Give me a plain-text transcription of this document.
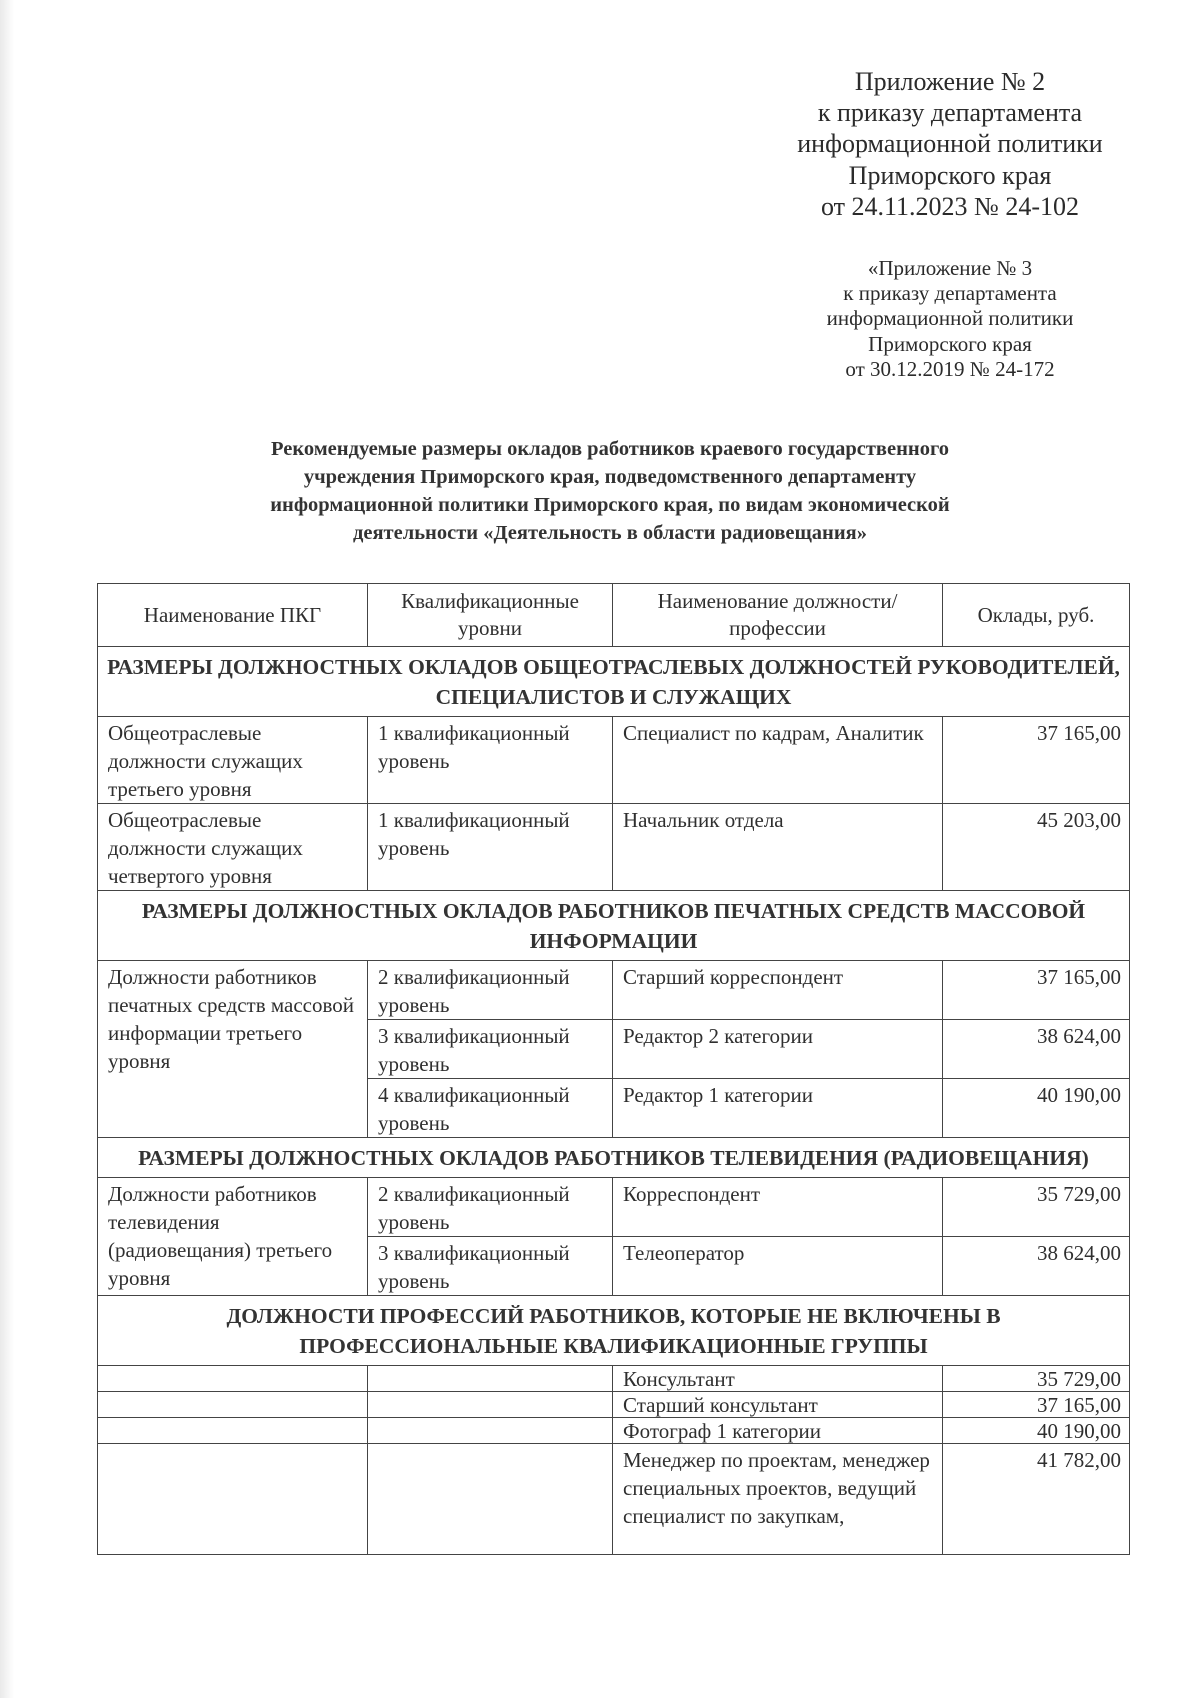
Приложение № 2
к приказу департамента
информационной политики
Приморского края
от 24.11.2023 № 24-102
«Приложение № 3
к приказу департамента
информационной политики
Приморского края
от 30.12.2019 № 24-172
Рекомендуемые размеры окладов работников краевого государственного
учреждения Приморского края, подведомственного департаменту
информационной политики Приморского края, по видам экономической
деятельности «Деятельность в области радиовещания»
Наименование ПКГ	Квалификационные уровни	Наименование должности/профессии	Оклады, руб.
РАЗМЕРЫ ДОЛЖНОСТНЫХ ОКЛАДОВ ОБЩЕОТРАСЛЕВЫХ ДОЛЖНОСТЕЙ РУКОВОДИТЕЛЕЙ, СПЕЦИАЛИСТОВ И СЛУЖАЩИХ			
Общеотраслевые должности служащих третьего уровня	1 квалификационный уровень	Специалист по кадрам, Аналитик	37 165,00
Общеотраслевые должности служащих четвертого уровня	1 квалификационный уровень	Начальник отдела	45 203,00
РАЗМЕРЫ ДОЛЖНОСТНЫХ ОКЛАДОВ РАБОТНИКОВ ПЕЧАТНЫХ СРЕДСТВ МАССОВОЙ ИНФОРМАЦИИ			
Должности работников печатных средств массовой информации третьего уровня	2 квалификационный уровень	Старший корреспондент	37 165,00
	3 квалификационный уровень	Редактор 2 категории	38 624,00
	4 квалификационный уровень	Редактор 1 категории	40 190,00
РАЗМЕРЫ ДОЛЖНОСТНЫХ ОКЛАДОВ РАБОТНИКОВ ТЕЛЕВИДЕНИЯ (РАДИОВЕЩАНИЯ)			
Должности работников телевидения (радиовещания) третьего уровня	2 квалификационный уровень	Корреспондент	35 729,00
	3 квалификационный уровень	Телеоператор	38 624,00
ДОЛЖНОСТИ ПРОФЕССИЙ РАБОТНИКОВ, КОТОРЫЕ НЕ ВКЛЮЧЕНЫ В ПРОФЕССИОНАЛЬНЫЕ КВАЛИФИКАЦИОННЫЕ ГРУППЫ			
		Консультант	35 729,00
		Старший консультант	37 165,00
		Фотограф 1 категории	40 190,00
		Менеджер по проектам, менеджер специальных проектов, ведущий специалист по закупкам,	41 782,00
